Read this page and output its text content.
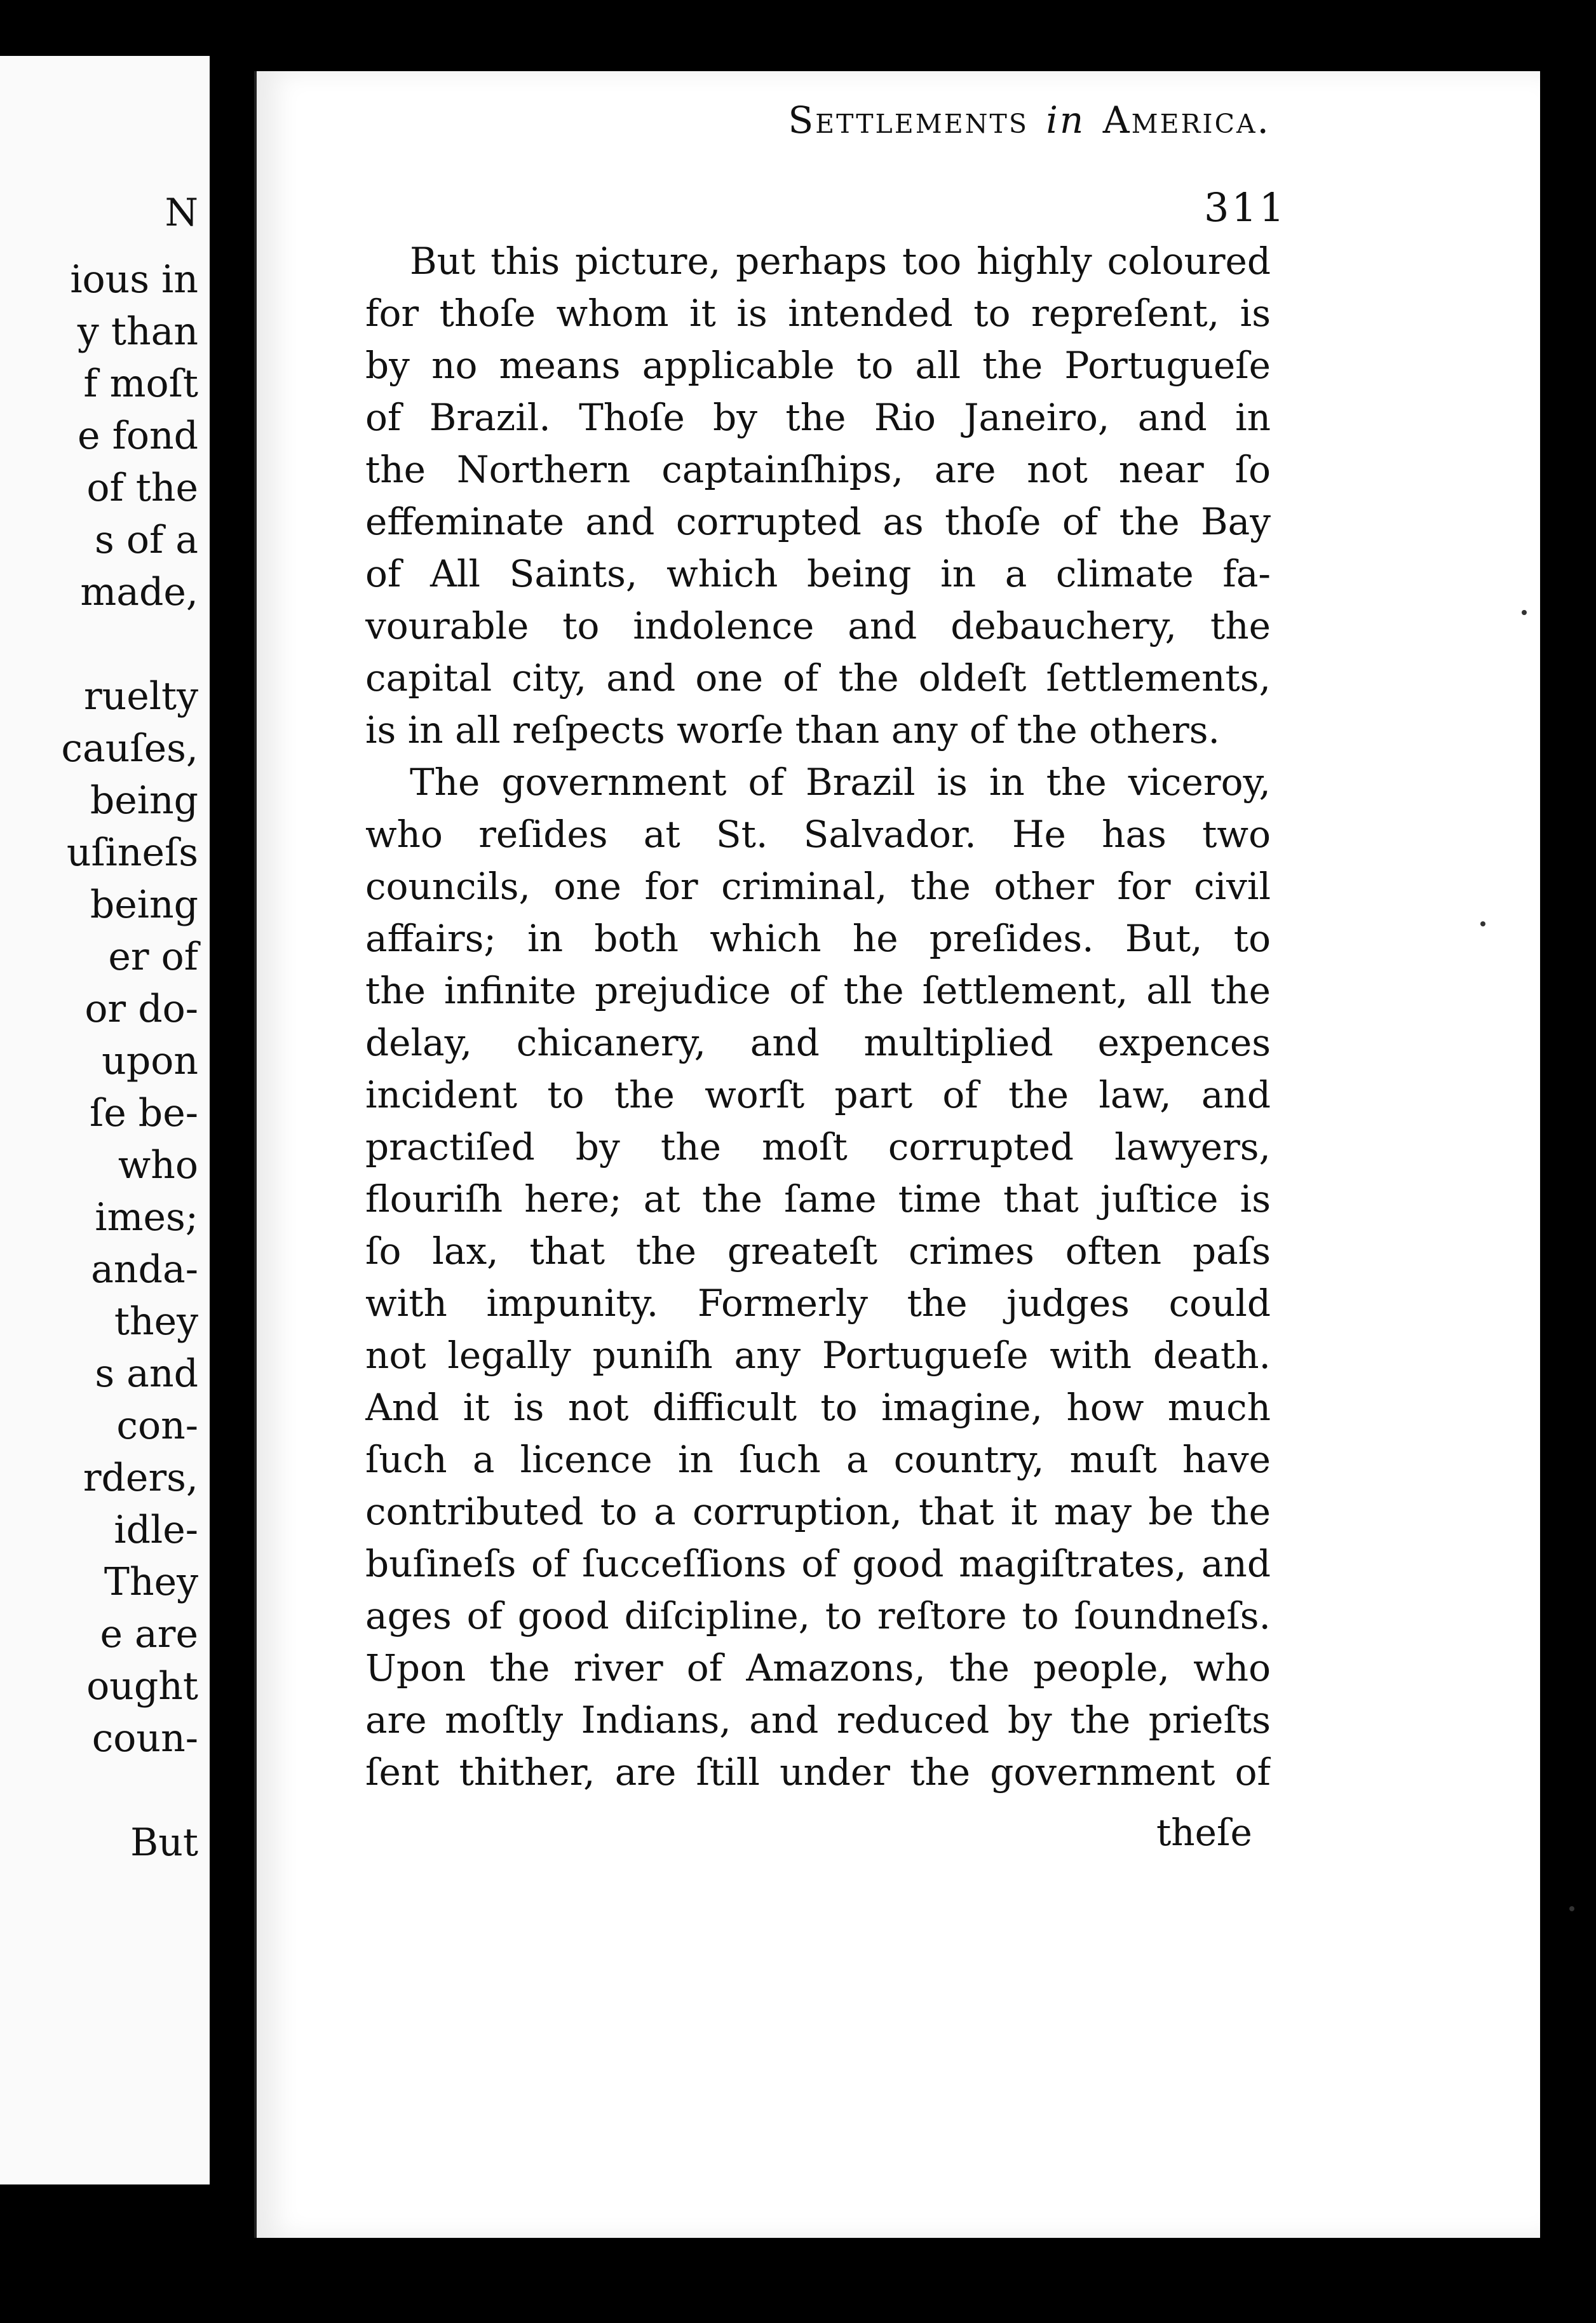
N
ious in
y than
f moſt
e fond
of the
s of a
made,
ruelty
cauſes,
being
uſineſs
being
er of
or do-
upon
ſe be-
who
imes;
anda-
they
s and
con-
rders,
idle-
They
e are
ought
coun-
But
Settlements in America.
311
But this picture, perhaps too highly coloured
for thoſe whom it is intended to repreſent, is
by no means applicable to all the Portugueſe
of Brazil. Thoſe by the Rio Janeiro, and in
the Northern captainſhips, are not near ſo
effeminate and corrupted as thoſe of the Bay
of All Saints, which being in a climate fa-
vourable to indolence and debauchery, the
capital city, and one of the oldeſt ſettlements,
is in all reſpects worſe than any of the others.
The government of Brazil is in the viceroy,
who reſides at St. Salvador. He has two
councils, one for criminal, the other for civil
affairs; in both which he preſides. But, to
the infinite prejudice of the ſettlement, all the
delay, chicanery, and multiplied expences
incident to the worſt part of the law, and
practiſed by the moſt corrupted lawyers,
flouriſh here; at the ſame time that juſtice is
ſo lax, that the greateſt crimes often paſs
with impunity. Formerly the judges could
not legally puniſh any Portugueſe with death.
And it is not difficult to imagine, how much
ſuch a licence in ſuch a country, muſt have
contributed to a corruption, that it may be the
buſineſs of ſucceſſions of good magiſtrates, and
ages of good diſcipline, to reſtore to ſoundneſs.
Upon the river of Amazons, the people, who
are moſtly Indians, and reduced by the prieſts
ſent thither, are ſtill under the government of
theſe
